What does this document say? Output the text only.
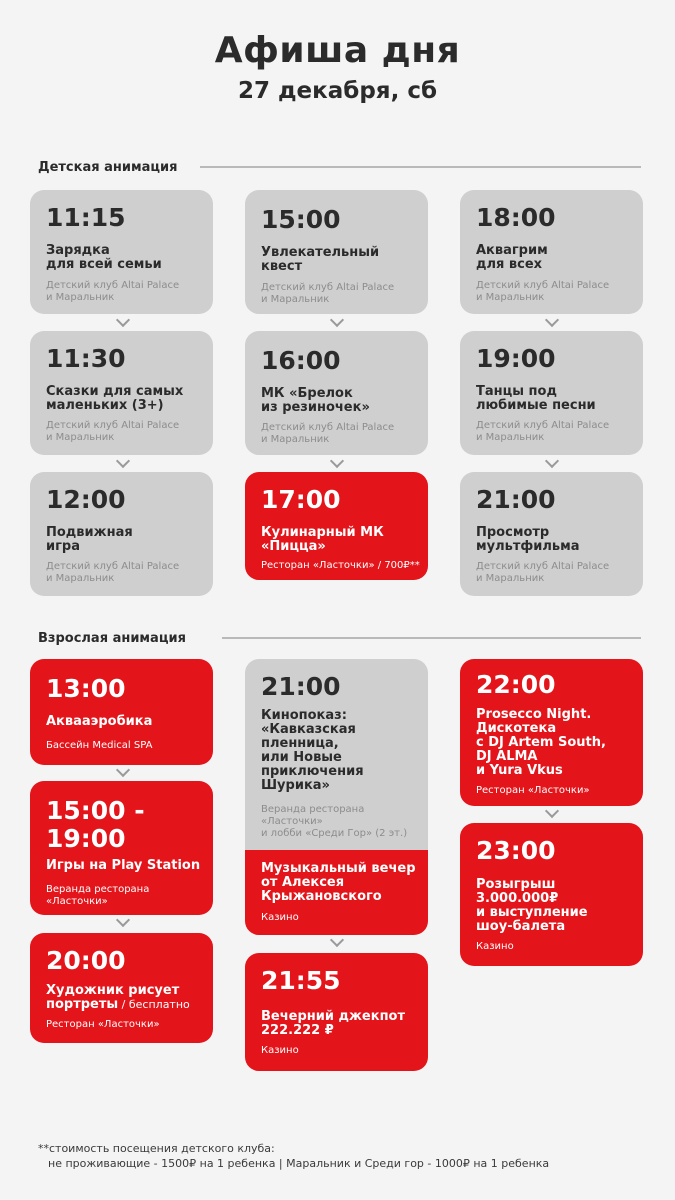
Афиша дня
27 декабря, сб
Детская анимация
11:15
Зарядка
для всей семьи
Детский клуб Altai Palace
и Маральник
15:00
Увлекательный
квест
Детский клуб Altai Palace
и Маральник
18:00
Аквагрим
для всех
Детский клуб Altai Palace
и Маральник
11:30
Сказки для самых
маленьких (3+)
Детский клуб Altai Palace
и Маральник
16:00
МК «Брелок
из резиночек»
Детский клуб Altai Palace
и Маральник
19:00
Танцы под
любимые песни
Детский клуб Altai Palace
и Маральник
12:00
Подвижная
игра
Детский клуб Altai Palace
и Маральник
17:00
Кулинарный МК
«Пицца»
Ресторан «Ласточки» / 700₽**
21:00
Просмотр
мультфильма
Детский клуб Altai Palace
и Маральник
Взрослая анимация
13:00
Аквааэробика
Бассейн Medical SPA
15:00 -
19:00
Игры на Play Station
Веранда ресторана
«Ласточки»
20:00
Художник рисует
портреты / бесплатно
Ресторан «Ласточки»
21:00
Кинопоказ:
«Кавказская
пленница,
или Новые
приключения
Шурика»
Веранда ресторана
«Ласточки»
и лобби «Среди Гор» (2 эт.)
Музыкальный вечер
от Алексея
Крыжановского
Казино
21:55
Вечерний джекпот
222.222 ₽
Казино
22:00
Prosecco Night.
Дискотека
с DJ Artem South,
DJ ALMA
и Yura Vkus
Ресторан «Ласточки»
23:00
Розыгрыш
3.000.000₽
и выступление
шоу-балета
Казино
**стоимость посещения детского клуба:
не проживающие - 1500₽ на 1 ребенка | Маральник и Среди гор - 1000₽ на 1 ребенка
